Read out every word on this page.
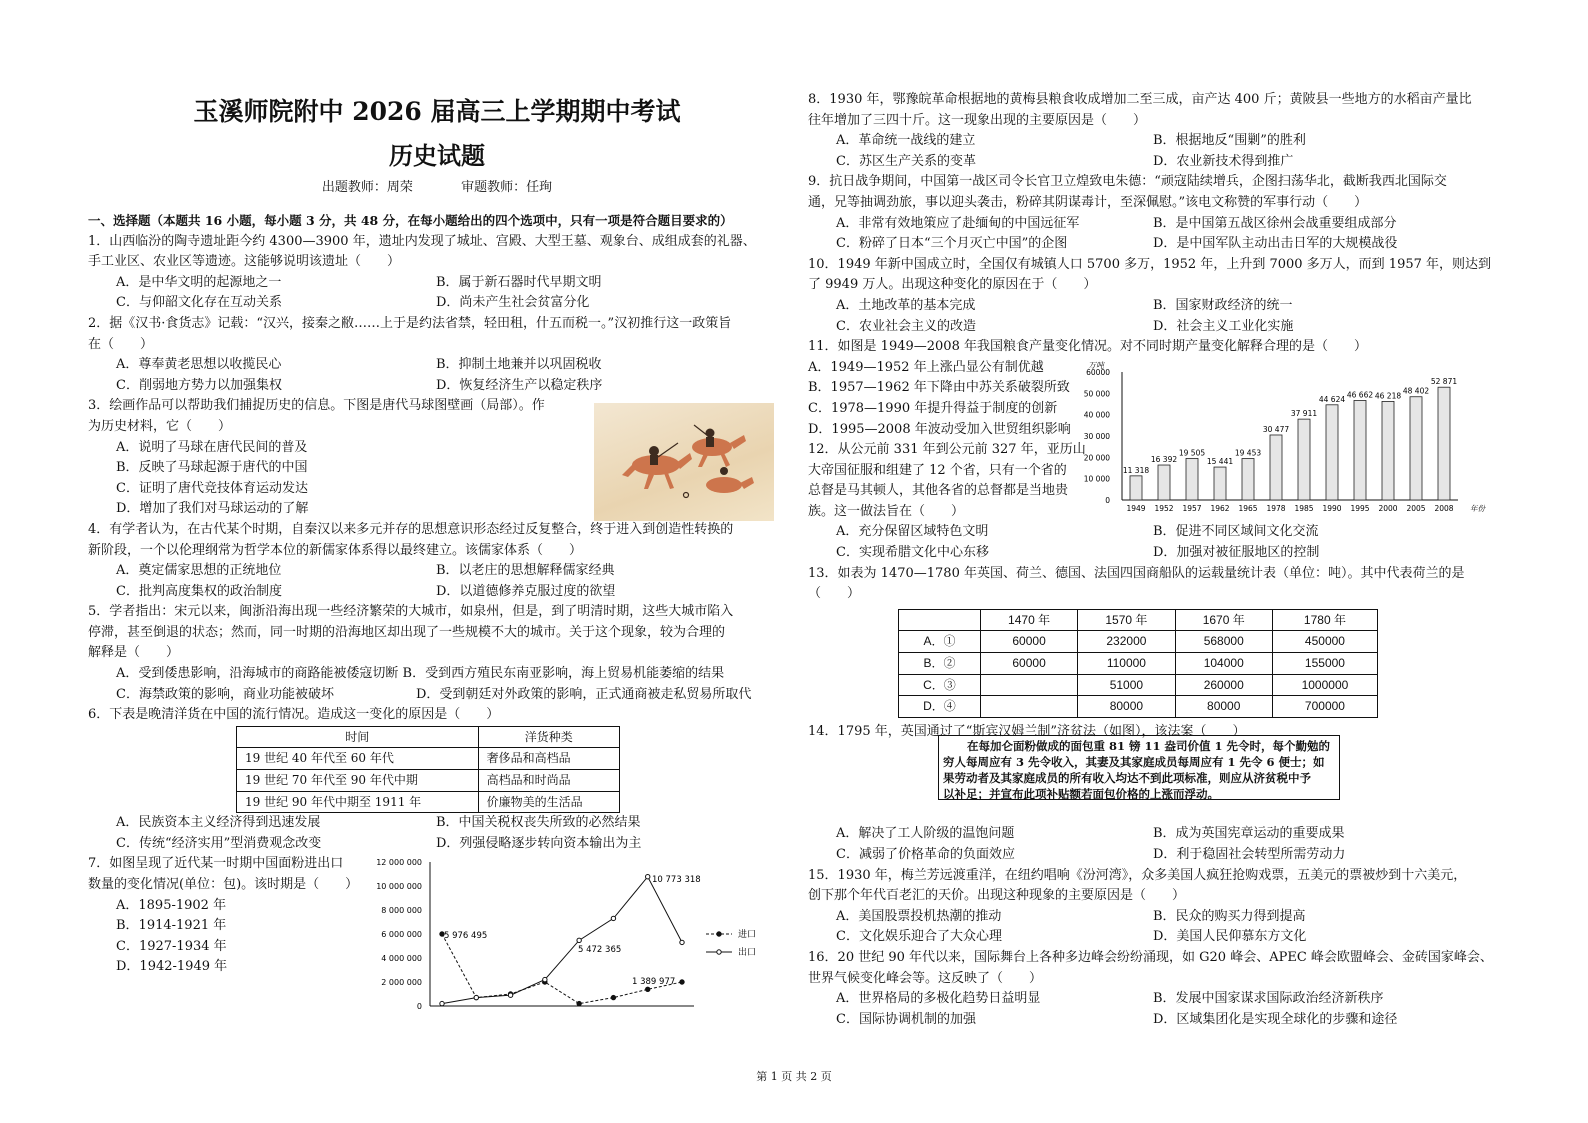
玉溪师院附中 2026 届高三上学期期中考试
历史试题
出题教师：周荣	审题教师：任珣

一、选择题（本题共 16 小题，每小题 3 分，共 48 分，在每小题给出的四个选项中，只有一项是符合题目要求的）

1．山西临汾的陶寺遗址距今约 4300—3900 年，遗址内发现了城址、宫殿、大型王墓、观象台、成组成套的礼器、

手工业区、农业区等遗迹。这能够说明该遗址（　　）

A．是中华文明的起源地之一	B．属于新石器时代早期文明
C．与仰韶文化存在互动关系	D．尚未产生社会贫富分化

2．据《汉书·食货志》记载：“汉兴，接秦之敝……上于是约法省禁，轻田租，什五而税一。”汉初推行这一政策旨

在（　　）

A．尊奉黄老思想以收揽民心	B．抑制土地兼并以巩固税收
C．削弱地方势力以加强集权	D．恢复经济生产以稳定秩序

3．绘画作品可以帮助我们捕捉历史的信息。下图是唐代马球图壁画（局部）。作

为历史材料，它（　　）

A．说明了马球在唐代民间的普及

B．反映了马球起源于唐代的中国

C．证明了唐代竞技体育运动发达

D．增加了我们对马球运动的了解

4．有学者认为，在古代某个时期，自秦汉以来多元并存的思想意识形态经过反复整合，终于进入到创造性转换的

新阶段，一个以伦理纲常为哲学本位的新儒家体系得以最终建立。该儒家体系（　　）

A．奠定儒家思想的正统地位	B．以老庄的思想解释儒家经典
C．批判高度集权的政治制度	D．以道德修养克服过度的欲望

5．学者指出：宋元以来，闽浙沿海出现一些经济繁荣的大城市，如泉州，但是，到了明清时期，这些大城市陷入

停滞，甚至倒退的状态；然而，同一时期的沿海地区却出现了一些规模不大的城市。关于这个现象，较为合理的

解释是（　　）

A．受到倭患影响，沿海城市的商路能被倭寇切断 B．受到西方殖民东南亚影响，海上贸易机能萎缩的结果

C．海禁政策的影响，商业功能被破坏	D．受到朝廷对外政策的影响，正式通商被走私贸易所取代

6．下表是晚清洋货在中国的流行情况。造成这一变化的原因是（　　）

时间	洋货种类
19 世纪 40 年代至 60 年代	奢侈品和高档品
19 世纪 70 年代至 90 年代中期	高档品和时尚品
19 世纪 90 年代中期至 1911 年	价廉物美的生活品
A．民族资本主义经济得到迅速发展	B．中国关税权丧失所致的必然结果
C．传统“经济实用”型消费观念改变	D．列强侵略逐步转向资本输出为主

7．如图呈现了近代某一时期中国面粉进出口

数量的变化情况(单位：包)。该时期是（　　）

A．1895-1902 年

B．1914-1921 年

C．1927-1934 年

D．1942-1949 年

12 000 000
10 000 000
8 000 000
6 000 000
4 000 000
2 000 000
0
5 976 495
5 472 365
10 773 318
1 389 977
进口
出口

8．1930 年，鄂豫皖革命根据地的黄梅县粮食收成增加二至三成，亩产达 400 斤；黄陂县一些地方的水稻亩产量比

往年增加了三四十斤。这一现象出现的主要原因是（　　）

A．革命统一战线的建立	B．根据地反“围剿”的胜利
C．苏区生产关系的变革	D．农业新技术得到推广

9．抗日战争期间，中国第一战区司令长官卫立煌致电朱德：“顽寇陆续增兵，企图扫荡华北，截断我西北国际交

通，兄等抽调劲旅，事以迎头袭击，粉碎其阴谋毒计，至深佩慰。”该电文称赞的军事行动（　　）

A．非常有效地策应了赴缅甸的中国远征军	B．是中国第五战区徐州会战重要组成部分
C．粉碎了日本“三个月灭亡中国”的企图	D．是中国军队主动出击日军的大规模战役

10．1949 年新中国成立时，全国仅有城镇人口 5700 多万，1952 年，上升到 7000 多万人，而到 1957 年，则达到

了 9949 万人。出现这种变化的原因在于（　　）

A．土地改革的基本完成	B．国家财政经济的统一
C．农业社会主义的改造	D．社会主义工业化实施

11．如图是 1949—2008 年我国粮食产量变化情况。对不同时期产量变化解释合理的是（　　）

A．1949—1952 年上涨凸显公有制优越

B．1957—1962 年下降由中苏关系破裂所致

C．1978—1990 年提升得益于制度的创新

D．1995—2008 年波动受加入世贸组织影响

12．从公元前 331 年到公元前 327 年，亚历山

大帝国征服和组建了 12 个省，只有一个省的

总督是马其顿人，其他各省的总督都是当地贵

族。这一做法旨在（　　）

A．充分保留区域特色文明	B．促进不同区域间文化交流
C．实现希腊文化中心东移	D．加强对被征服地区的控制

13．如表为 1470—1780 年英国、荷兰、德国、法国四国商船队的运载量统计表（单位：吨）。其中代表荷兰的是

（　　）

	1470 年	1570 年	1670 年	1780 年
A．①	60000	232000	568000	450000
B．②	60000	110000	104000	155000
C．③		51000	260000	1000000
D．④		80000	80000	700000

14．1795 年，英国通过了“斯宾汉姆兰制”济贫法（如图），该法案（　　）

A．解决了工人阶级的温饱问题	B．成为英国宪章运动的重要成果
C．减弱了价格革命的负面效应	D．利于稳固社会转型所需劳动力

15．1930 年，梅兰芳远渡重洋，在纽约唱响《汾河湾》，众多美国人疯狂抢购戏票，五美元的票被炒到十六美元，

创下那个年代百老汇的天价。出现这种现象的主要原因是（　　）

A．美国股票投机热潮的推动	B．民众的购买力得到提高
C．文化娱乐迎合了大众心理	D．美国人民仰慕东方文化

16．20 世纪 90 年代以来，国际舞台上各种多边峰会纷纷涌现，如 G20 峰会、APEC 峰会欧盟峰会、金砖国家峰会、

世界气候变化峰会等。这反映了（　　）

A．世界格局的多极化趋势日益明显	B．发展中国家谋求国际政治经济新秩序
C．国际协调机制的加强	D．区域集团化是实现全球化的步骤和途径
万吨
60000
50 000
40 000
30 000
20 000
10 000
0
年份
11 318
1949
16 392
1952
19 505
1957
15 441
1962
19 453
1965
30 477
1978
37 911
1985
44 624
1990
46 662
1995
46 218
2000
48 402
2005
52 871
2008

在每加仑面粉做成的面包重 81 镑 11 盎司价值 1 先令时，每个勤勉的

穷人每周应有 3 先令收入，其妻及其家庭成员每周应有 1 先令 6 便士；如
果劳动者及其家庭成员的所有收入均达不到此项标准，则应从济贫税中予
以补足；并宣布此项补贴额若面包价格的上涨而浮动。
第 1 页 共 2 页
